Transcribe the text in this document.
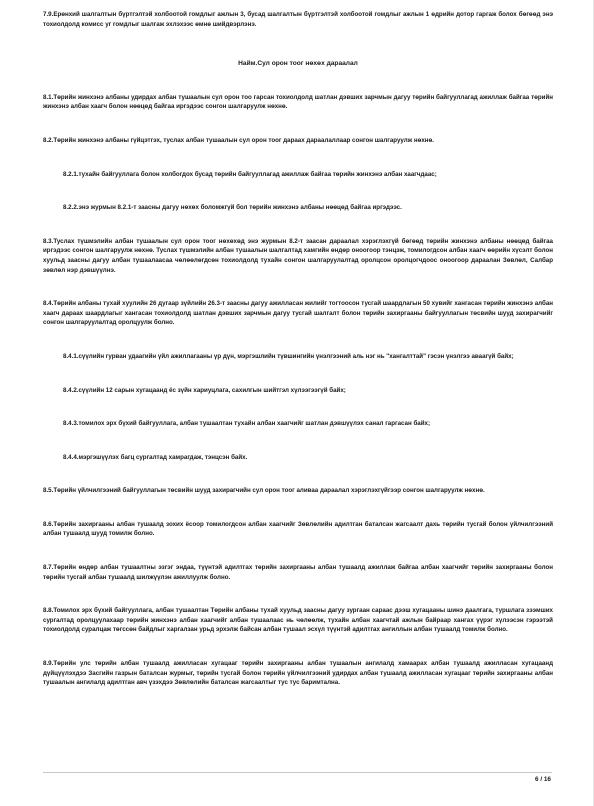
7.9.Ерөнхий шалгалтын бүртгэлтэй холбоотой гомдлыг ажлын 3, бусад шалгалтын бүртгэлтэй холбоотой гомдлыг ажлын 1 өдрийн дотор гаргаж болох бөгөөд энэ тохиолдолд комисс уг гомдлыг шалгаж эхлэхээс өмнө шийдвэрлэнэ.

Найм.Сул орон тоог нөхөх дараалал

8.1.Төрийн жинхэнэ албаны удирдах албан тушаалын сул орон тоо гарсан тохиолдолд шатлан дэвших зарчмын дагуу төрийн байгууллагад ажиллаж байгаа төрийн жинхэнэ албан хаагч болон нөөцөд байгаа иргэдээс сонгон шалгаруулж нөхнө.

8.2.Төрийн жинхэнэ албаны гүйцэтгэх, туслах албан тушаалын сул орон тоог дараах дараалаллаар сонгон шалгаруулж нөхнө.

8.2.1.тухайн байгууллага болон холбогдох бусад төрийн байгууллагад ажиллаж байгаа төрийн жинхэнэ албан хаагчдаас;

8.2.2.энэ журмын 8.2.1-т заасны дагуу нөхөх боломжгүй бол төрийн жинхэнэ албаны нөөцөд байгаа иргэдээс.

8.3.Туслах түшмэлийн албан тушаалын сул орон тоог нөхөхөд энэ журмын 8.2-т заасан дараалал хэрэглэхгүй бөгөөд төрийн жинхэнэ албаны нөөцөд байгаа иргэдээс сонгон шалгаруулж нөхнө. Туслах түшмэлийн албан тушаалын шалгалтад хамгийн өндөр оноогоор тэнцэж, томилогдсон албан хаагч өөрийн хүсэлт болон хуульд заасны дагуу албан тушаалаасаа чөлөөлөгдсөн тохиолдолд тухайн сонгон шалгаруулалтад оролцсон оролцогчдоос оноогоор дараалан Зөвлөл, Салбар зөвлөл нэр дэвшүүлнэ.

8.4.Төрийн албаны тухай хуулийн 26 дугаар зүйлийн 26.3-т заасны дагуу ажилласан жилийг тогтоосон тусгай шаардлагын 50 хувийг хангасан төрийн жинхэнэ албан хаагч дараах шаардлагыг хангасан тохиолдолд шатлан дэвших зарчмын дагуу тусгай шалгалт болон төрийн захиргааны байгууллагын төсвийн шууд захирагчийг сонгон шалгаруулалтад оролцуулж болно.

8.4.1.сүүлийн гурван удаагийн үйл ажиллагааны үр дүн, мэргэшлийн түвшингийн үнэлгээний аль нэг нь "хангалттай" гэсэн үнэлгээ аваагүй байх;

8.4.2.сүүлийн 12 сарын хугацаанд ёс зүйн хариуцлага, сахилгын шийтгэл хүлээгээгүй байх;

8.4.3.томилох эрх бүхий байгууллага, албан тушаалтан тухайн албан хаагчийг шатлан дэвшүүлэх санал гаргасан байх;

8.4.4.мэргэшүүлэх багц сургалтад хамрагдаж, тэнцсэн байх.

8.5.Төрийн үйлчилгээний байгууллагын төсвийн шууд захирагчийн сул орон тоог аливаа дараалал хэрэглэхгүйгээр сонгон шалгаруулж нөхнө.

8.6.Төрийн захиргааны албан тушаалд зохих ёсоор томилогдсон албан хаагчийг Зөвлөлийн адилтган баталсан жагсаалт дахь төрийн тусгай болон үйлчилгээний албан тушаалд шууд томилж болно.

8.7.Төрийн өндөр албан тушаалтны эзгэг эндаа, түүнтэй адилтгах төрийн захиргааны албан тушаалд ажиллаж байгаа албан хаагчийг төрийн захиргааны болон төрийн тусгай албан тушаалд шилжүүлэн ажиллуулж болно.

8.8.Томилох эрх бүхий байгууллага, албан тушаалтан Төрийн албаны тухай хуульд заасны дагуу зургаан сараас дээш хугацааны шинэ даалгага, туршлага зээмших сургалтад оролцуулахаар төрийн жинхэнэ албан хаагчийг албан тушаалаас нь чөлөөлж, тухайн албан хаагчтай ажлын байраар хангах үүрэг хүлээсэн гэрээтэй тохиолдолд суралцаж төгссөн байдлыг харгалзан урьд эрхэлж байсан албан тушаал эсхүл түүнтэй адилтгах ангиллын албан тушаалд томилж болно.

8.9.Төрийн улс төрийн албан тушаалд ажилласан хугацааг төрийн захиргааны албан тушаалын ангилалд хамаарах албан тушаалд ажилласан хугацаанд дүйцүүлэхдээ Засгийн газрын баталсан журмыг, төрийн тусгай болон төрийн үйлчилгээний удирдах албан тушаалд ажилласан хугацааг төрийн захиргааны албан тушаалын ангилалд адилтган авч үзэхдээ Зөвлөлийн баталсан жагсаалтыг тус тус баримтална.

6 / 16
